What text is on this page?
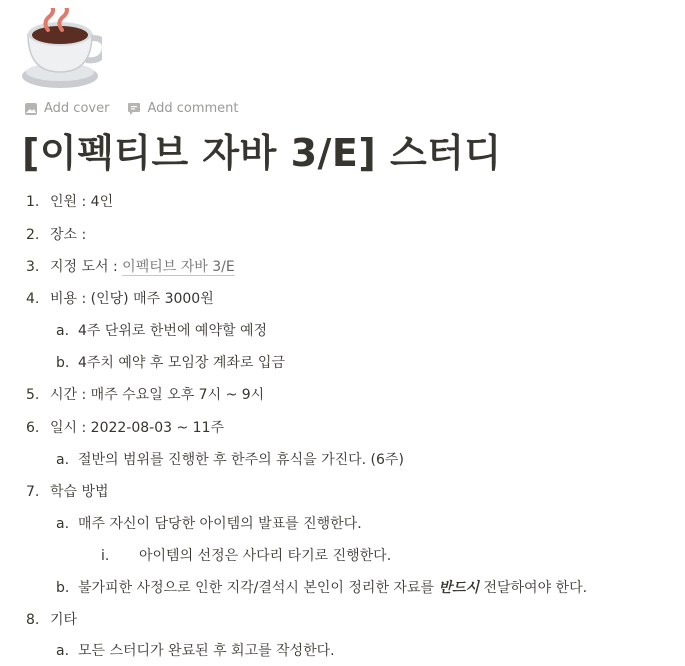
Add cover	Add comment
[이펙티브 자바 3/E] 스터디
1. 인원 : 4인
2. 장소 :
3. 지정 도서 : 이펙티브 자바 3/E
4. 비용 : (인당) 매주 3000원
a. 4주 단위로 한번에 예약할 예정
b. 4주치 예약 후 모임장 계좌로 입금
5. 시간 : 매주 수요일 오후 7시 ~ 9시
6. 일시 : 2022-08-03 ~ 11주
a. 절반의 범위를 진행한 후 한주의 휴식을 가진다. (6주)
7. 학습 방법
a. 매주 자신이 담당한 아이템의 발표를 진행한다.
i. 아이템의 선정은 사다리 타기로 진행한다.
b. 불가피한 사정으로 인한 지각/결석시 본인이 정리한 자료를 반드시 전달하여야 한다.
8. 기타
a. 모든 스터디가 완료된 후 회고를 작성한다.
